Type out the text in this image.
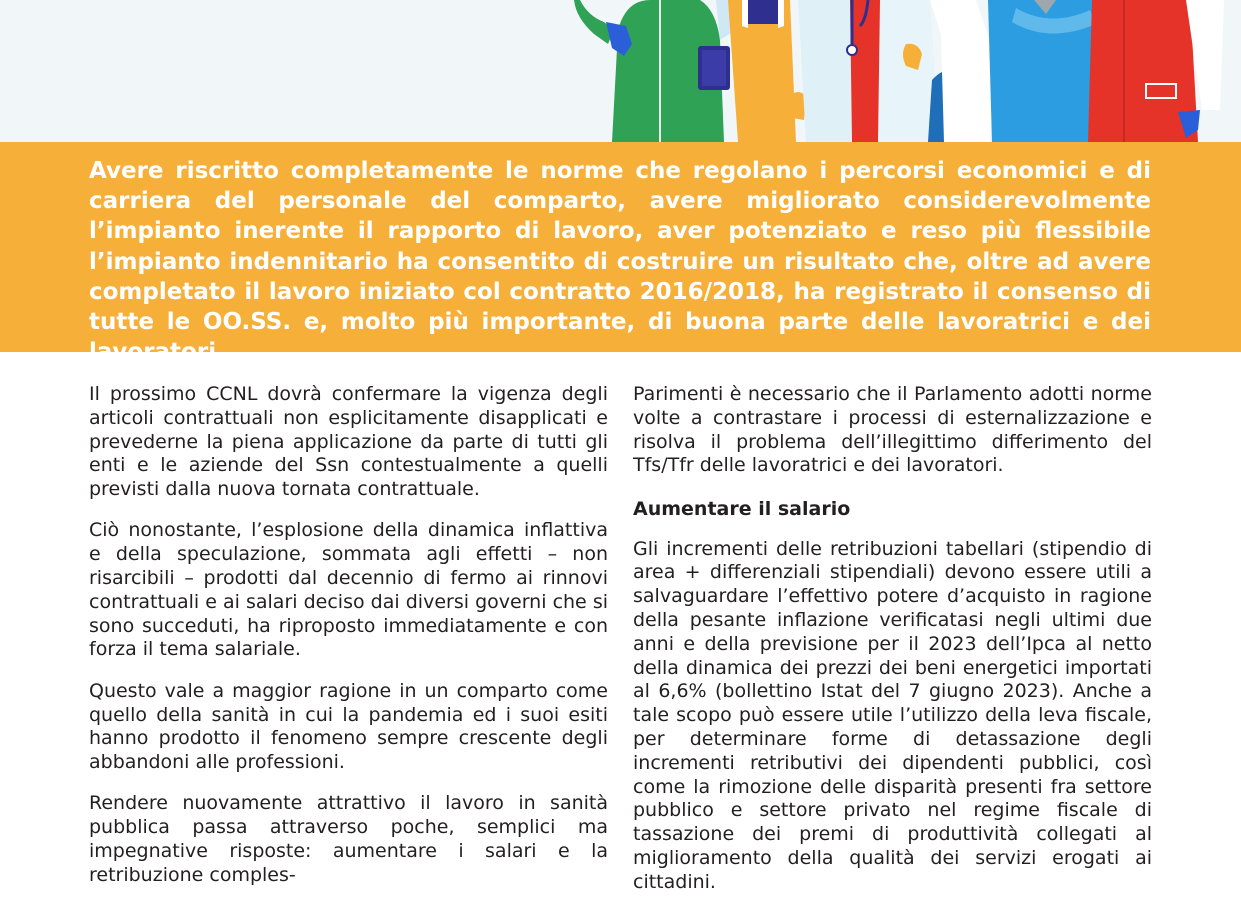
Avere riscritto completamente le norme che regolano i percorsi economici e di carriera del personale del comparto, avere migliorato considerevolmente l’impianto inerente il rapporto di lavoro, aver potenziato e reso più flessibile l’impianto indennitario ha consentito di costruire un risultato che, oltre ad avere completato il lavoro iniziato col contratto 2016/2018, ha registrato il consenso di tutte le OO.SS. e, molto più importante, di buona parte delle lavoratrici e dei lavoratori.

Il prossimo CCNL dovrà confermare la vigenza degli articoli contrattuali non esplicitamente disapplicati e prevederne la piena applicazione da parte di tutti gli enti e le aziende del Ssn contestualmente a quelli previsti dalla nuova tornata contrattuale.

Ciò nonostante, l’esplosione della dinamica inflattiva e della speculazione, sommata agli effetti – non risarcibili – prodotti dal decennio di fermo ai rinnovi contrattuali e ai salari deciso dai diversi governi che si sono succeduti, ha riproposto immediatamente e con forza il tema salariale.

Questo vale a maggior ragione in un comparto come quello della sanità in cui la pandemia ed i suoi esiti hanno prodotto il fenomeno sempre crescente degli abbandoni alle professioni.

Rendere nuovamente attrattivo il lavoro in sanità pubblica passa attraverso poche, semplici ma impegnative risposte: aumentare i salari e la retribuzione comples-

Parimenti è necessario che il Parlamento adotti norme volte a contrastare i processi di esternalizzazione e risolva il problema dell’illegittimo differimento del Tfs/Tfr delle lavoratrici e dei lavoratori.

Aumentare il salario

Gli incrementi delle retribuzioni tabellari (stipendio di area + differenziali stipendiali) devono essere utili a salvaguardare l’effettivo potere d’acquisto in ragione della pesante inflazione verificatasi negli ultimi due anni e della previsione per il 2023 dell’Ipca al netto della dinamica dei prezzi dei beni energetici importati al 6,6% (bollettino Istat del 7 giugno 2023). Anche a tale scopo può essere utile l’utilizzo della leva fiscale, per determinare forme di detassazione degli incrementi retributivi dei dipendenti pubblici, così come la rimozione delle disparità presenti fra settore pubblico e settore privato nel regime fiscale di tassazione dei premi di produttività collegati al miglioramento della qualità dei servizi erogati ai cittadini.
